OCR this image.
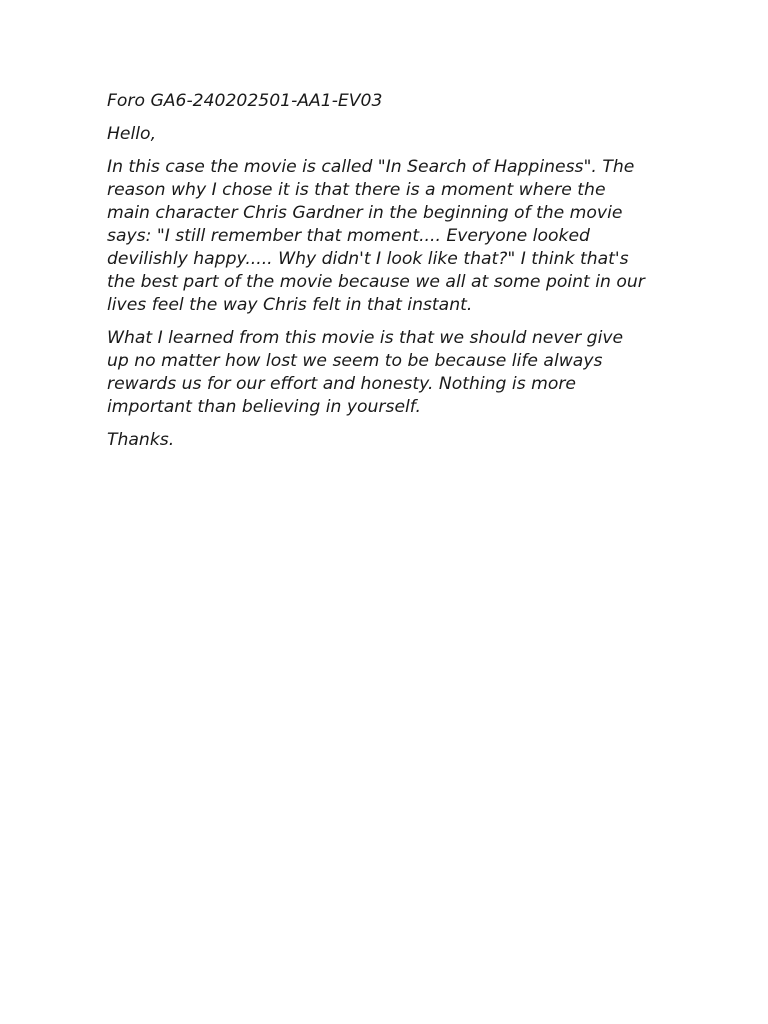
Foro GA6-240202501-AA1-EV03

Hello,

In this case the movie is called "In Search of Happiness". The
reason why I chose it is that there is a moment where the
main character Chris Gardner in the beginning of the movie
says: "I still remember that moment.... Everyone looked
devilishly happy..... Why didn't I look like that?" I think that's
the best part of the movie because we all at some point in our
lives feel the way Chris felt in that instant.

What I learned from this movie is that we should never give
up no matter how lost we seem to be because life always
rewards us for our effort and honesty. Nothing is more
important than believing in yourself.

Thanks.
